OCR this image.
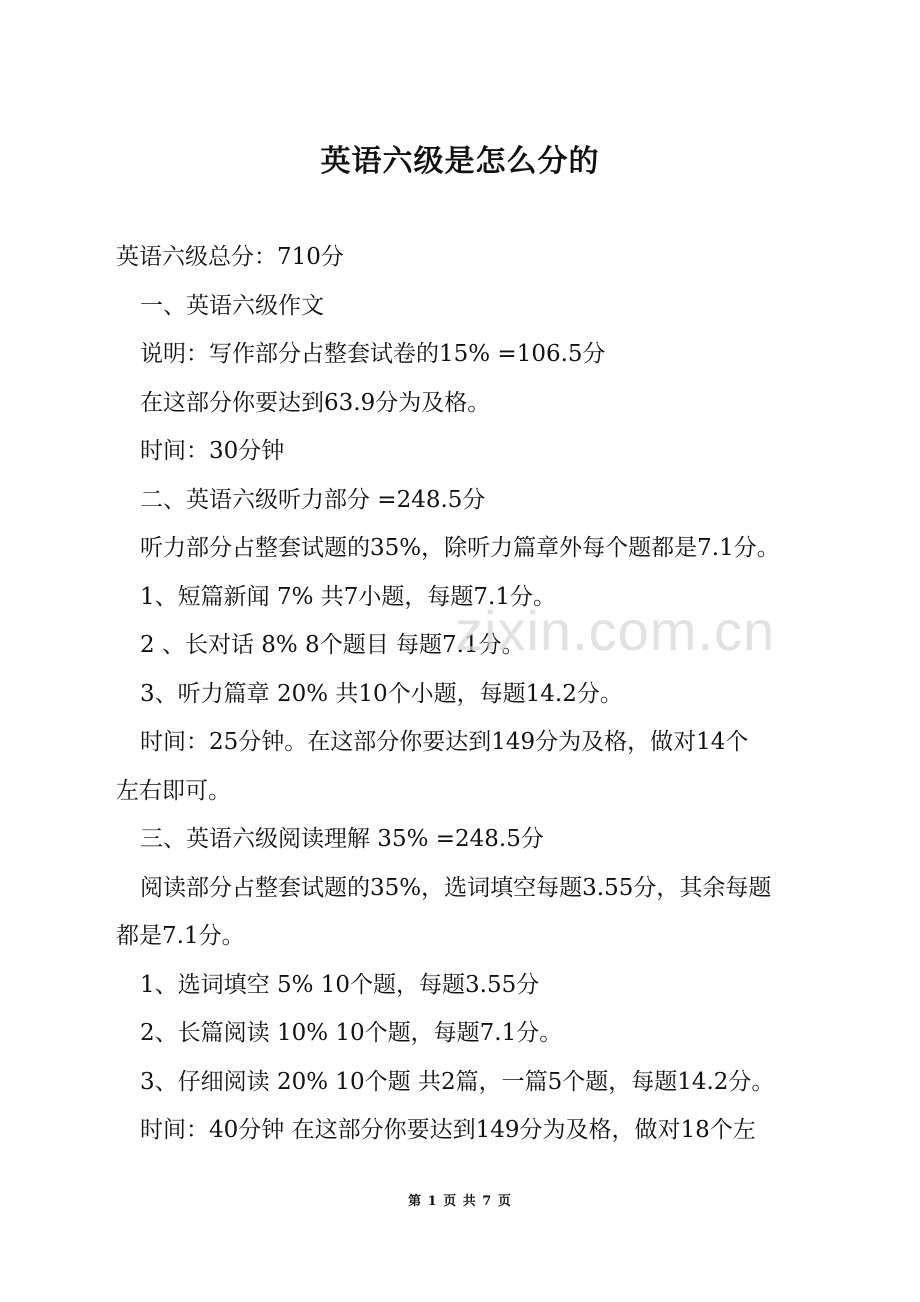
英语六级是怎么分的
英语六级总分：710分
一、英语六级作文
说明：写作部分占整套试卷的15% =106.5分
在这部分你要达到63.9分为及格。
时间：30分钟
二、英语六级听力部分 =248.5分
听力部分占整套试题的35%，除听力篇章外每个题都是7.1分。
1、短篇新闻 7% 共7小题，每题7.1分。
2 、长对话 8% 8个题目 每题7.1分。
3、听力篇章 20% 共10个小题，每题14.2分。
时间：25分钟。在这部分你要达到149分为及格，做对14个
左右即可。
三、英语六级阅读理解 35% =248.5分
阅读部分占整套试题的35%，选词填空每题3.55分，其余每题
都是7.1分。
1、选词填空 5% 10个题，每题3.55分
2、长篇阅读 10% 10个题，每题7.1分。
3、仔细阅读 20% 10个题 共2篇，一篇5个题，每题14.2分。
时间：40分钟 在这部分你要达到149分为及格，做对18个左
zixin.com.cn
第 1 页 共 7 页
